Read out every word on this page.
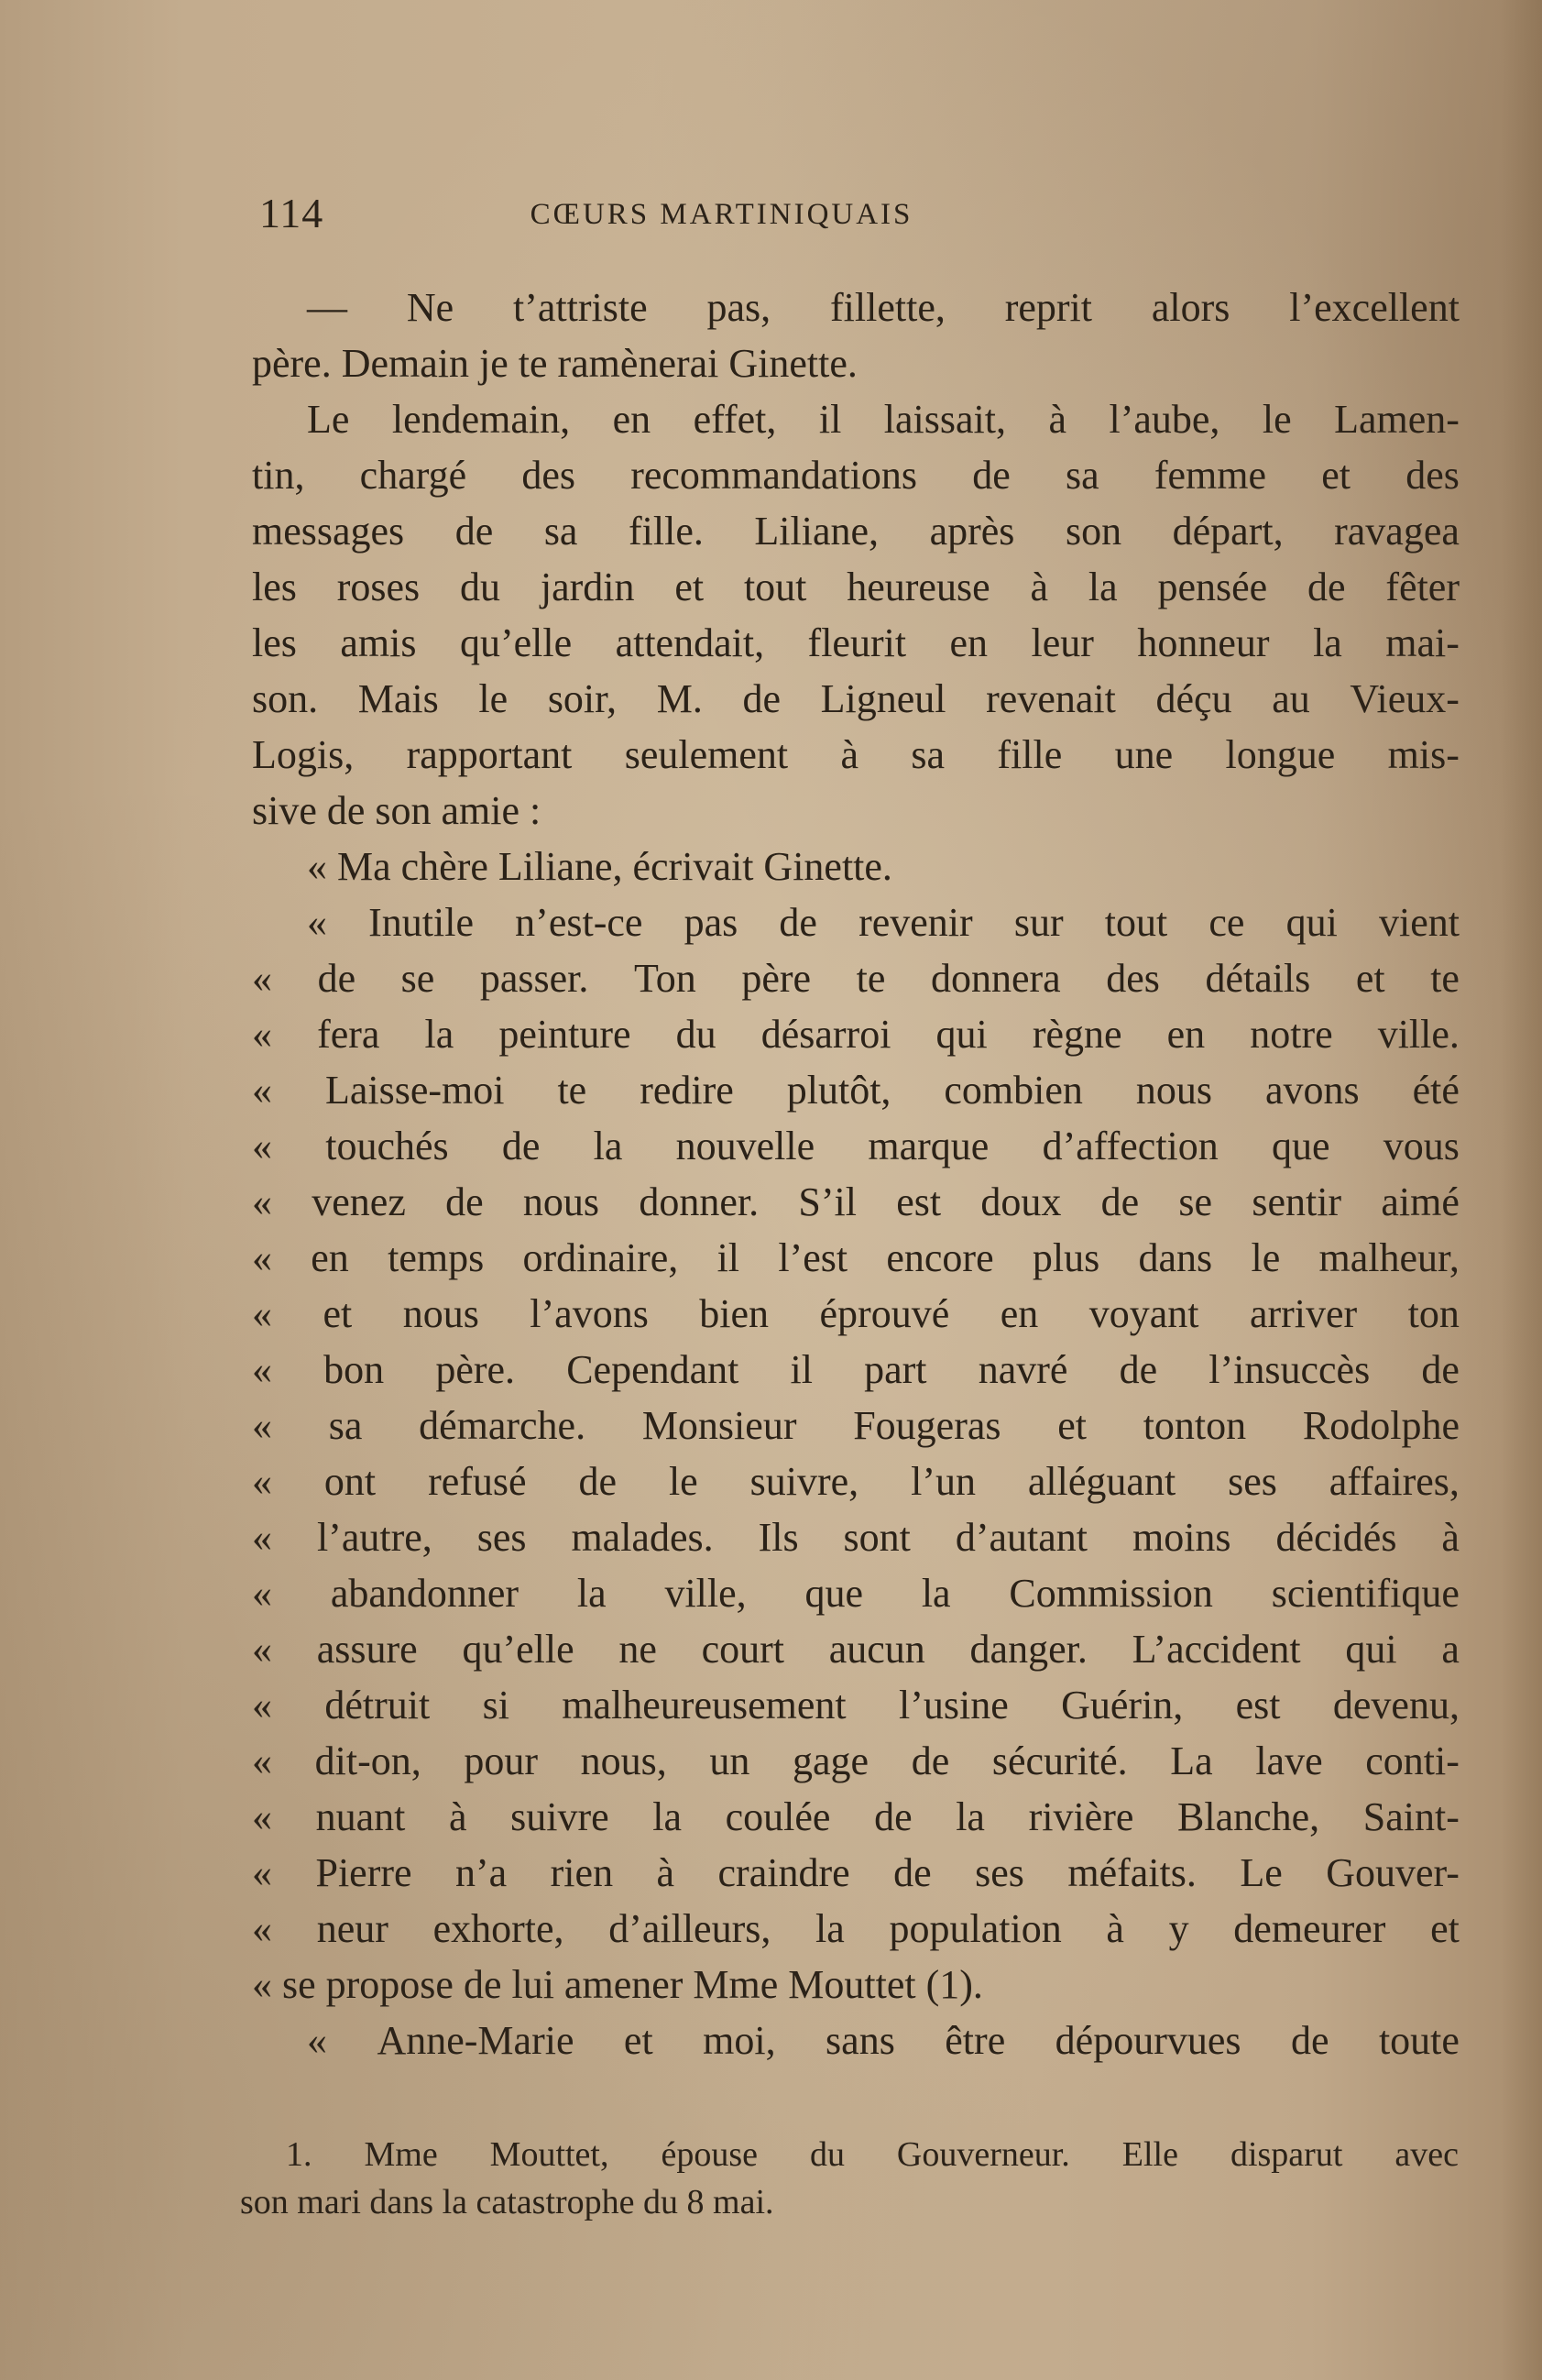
114	CŒURS MARTINIQUAIS
— Ne t’attriste pas, fillette, reprit alors l’excellent
père. Demain je te ramènerai Ginette.
Le lendemain, en effet, il laissait, à l’aube, le Lamen-
tin, chargé des recommandations de sa femme et des
messages de sa fille. Liliane, après son départ, ravagea
les roses du jardin et tout heureuse à la pensée de fêter
les amis qu’elle attendait, fleurit en leur honneur la mai-
son. Mais le soir, M. de Ligneul revenait déçu au Vieux-
Logis, rapportant seulement à sa fille une longue mis-
sive de son amie :
« Ma chère Liliane, écrivait Ginette.
« Inutile n’est-ce pas de revenir sur tout ce qui vient
« de se passer. Ton père te donnera des détails et te
« fera la peinture du désarroi qui règne en notre ville.
« Laisse-moi te redire plutôt, combien nous avons été
« touchés de la nouvelle marque d’affection que vous
« venez de nous donner. S’il est doux de se sentir aimé
« en temps ordinaire, il l’est encore plus dans le malheur,
« et nous l’avons bien éprouvé en voyant arriver ton
« bon père. Cependant il part navré de l’insuccès de
« sa démarche. Monsieur Fougeras et tonton Rodolphe
« ont refusé de le suivre, l’un alléguant ses affaires,
« l’autre, ses malades. Ils sont d’autant moins décidés à
« abandonner la ville, que la Commission scientifique
« assure qu’elle ne court aucun danger. L’accident qui a
« détruit si malheureusement l’usine Guérin, est devenu,
« dit-on, pour nous, un gage de sécurité. La lave conti-
« nuant à suivre la coulée de la rivière Blanche, Saint-
« Pierre n’a rien à craindre de ses méfaits. Le Gouver-
« neur exhorte, d’ailleurs, la population à y demeurer et
« se propose de lui amener Mme Mouttet (1).
« Anne-Marie et moi, sans être dépourvues de toute
1. Mme Mouttet, épouse du Gouverneur. Elle disparut avec
son mari dans la catastrophe du 8 mai.
